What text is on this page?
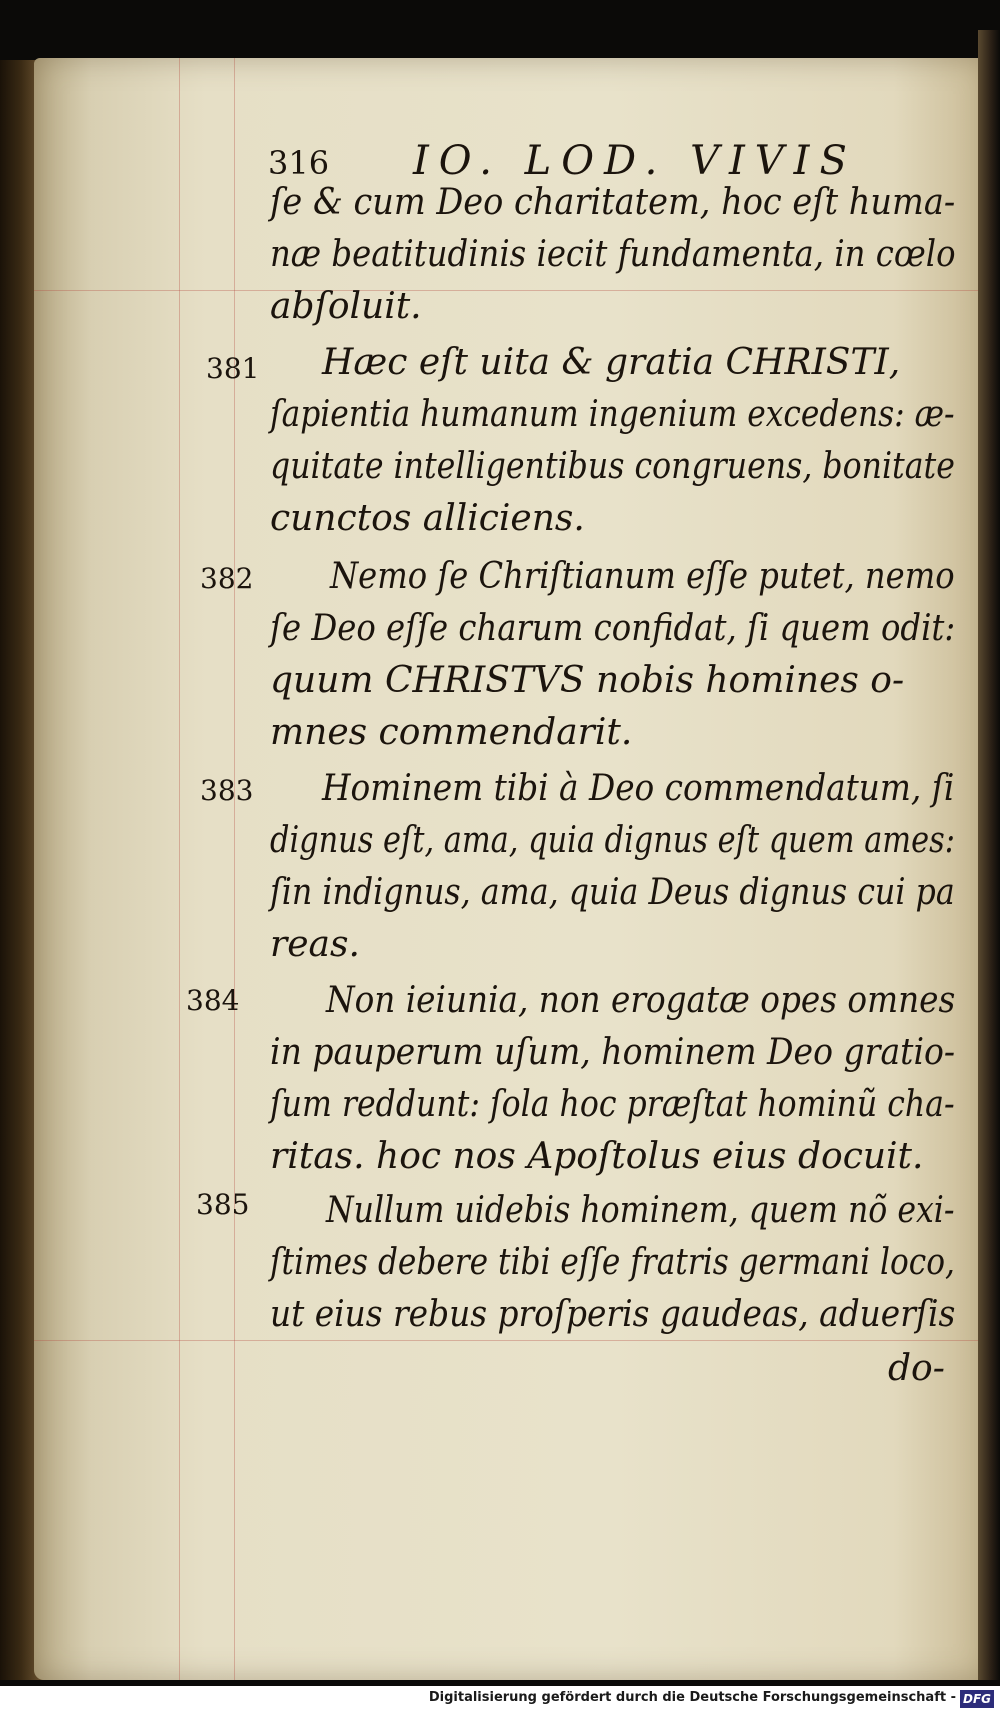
316 IO. LOD. VIVIS
ſe & cum Deo charitatem, hoc eſt huma-
næ beatitudinis iecit fundamenta, in cœlo
abſoluit.
Hæc eſt uita & gratia CHRISTI,
ſapientia humanum ingenium excedens: æ-
quitate intelligentibus congruens, bonitate
cunctos alliciens.
Nemo ſe Chriſtianum eſſe putet, nemo
ſe Deo eſſe charum confidat, ſi quem odit:
quum CHRISTVS nobis homines o-
mnes commendarit.
Hominem tibi à Deo commendatum, ſi
dignus eſt, ama, quia dignus eſt quem ames:
ſin indignus, ama, quia Deus dignus cui pa
reas.
Non ieiunia, non erogatæ opes omnes
in pauperum uſum, hominem Deo gratio-
ſum reddunt: ſola hoc præſtat hominũ cha-
ritas. hoc nos Apoſtolus eius docuit.
Nullum uidebis hominem, quem nõ exi-
ſtimes debere tibi eſſe fratris germani loco,
ut eius rebus proſperis gaudeas, aduerſis
381
382
383
384
385
do-
Digitalisierung gefördert durch die Deutsche Forschungsgemeinschaft - DFG
